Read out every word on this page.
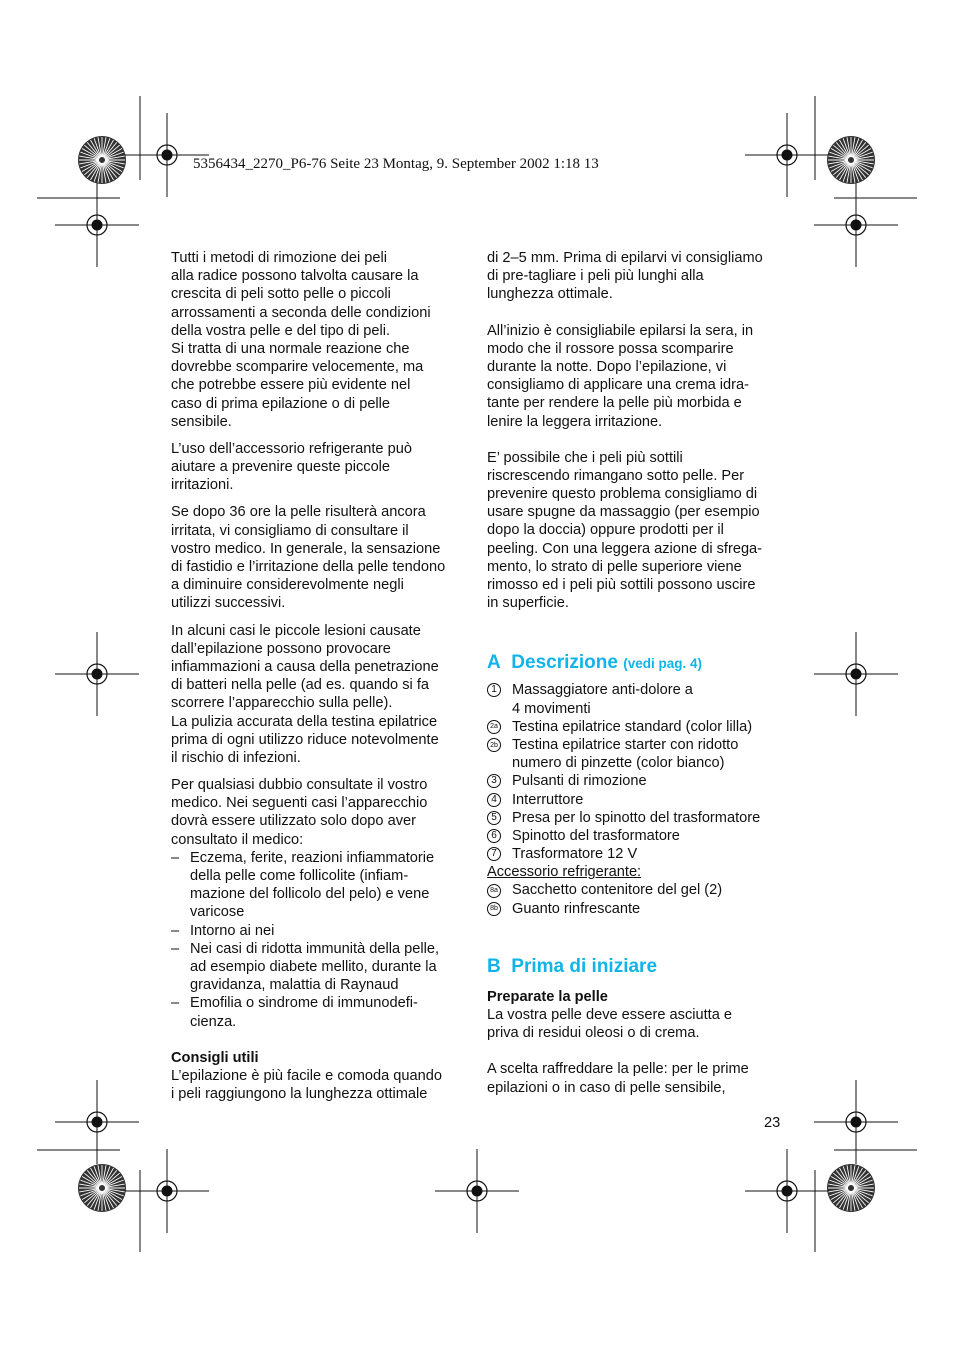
5356434_2270_P6-76 Seite 23 Montag, 9. September 2002 1:18 13
Tutti i metodi di rimozione dei peli
alla radice possono talvolta causare la
crescita di peli sotto pelle o piccoli
arrossamenti a seconda delle condizioni
della vostra pelle e del tipo di peli.
Si tratta di una normale reazione che
dovrebbe scomparire velocemente, ma
che potrebbe essere più evidente nel
caso di prima epilazione o di pelle
sensibile.
L’uso dell’accessorio refrigerante può
aiutare a prevenire queste piccole
irritazioni.
Se dopo 36 ore la pelle risulterà ancora
irritata, vi consigliamo di consultare il
vostro medico. In generale, la sensazione
di fastidio e l’irritazione della pelle tendono
a diminuire considerevolmente negli
utilizzi successivi.
In alcuni casi le piccole lesioni causate
dall’epilazione possono provocare
infiammazioni a causa della penetrazione
di batteri nella pelle (ad es. quando si fa
scorrere l’apparecchio sulla pelle).
La pulizia accurata della testina epilatrice
prima di ogni utilizzo riduce notevolmente
il rischio di infezioni.
Per qualsiasi dubbio consultate il vostro
medico. Nei seguenti casi l’apparecchio
dovrà essere utilizzato solo dopo aver
consultato il medico:
– Eczema, ferite, reazioni infiammatorie
della pelle come follicolite (infiam-
mazione del follicolo del pelo) e vene
varicose
– Intorno ai nei
– Nei casi di ridotta immunità della pelle,
ad esempio diabete mellito, durante la
gravidanza, malattia di Raynaud
– Emofilia o sindrome di immunodefi-
cienza.
Consigli utili
L’epilazione è più facile e comoda quando
i peli raggiungono la lunghezza ottimale
di 2–5 mm. Prima di epilarvi vi consigliamo
di pre-tagliare i peli più lunghi alla
lunghezza ottimale.
All’inizio è consigliabile epilarsi la sera, in
modo che il rossore possa scomparire
durante la notte. Dopo l’epilazione, vi
consigliamo di applicare una crema idra-
tante per rendere la pelle più morbida e
lenire la leggera irritazione.
E’ possibile che i peli più sottili
riscrescendo rimangano sotto pelle. Per
prevenire questo problema consigliamo di
usare spugne da massaggio (per esempio
dopo la doccia) oppure prodotti per il
peeling. Con una leggera azione di sfrega-
mento, lo strato di pelle superiore viene
rimosso ed i peli più sottili possono uscire
in superficie.
A Descrizione (vedi pag. 4)
1 Massaggiatore anti-dolore a
4 movimenti
2a Testina epilatrice standard (color lilla)
2b Testina epilatrice starter con ridotto
numero di pinzette (color bianco)
3 Pulsanti di rimozione
4 Interruttore
5 Presa per lo spinotto del trasformatore
6 Spinotto del trasformatore
7 Trasformatore 12 V
Accessorio refrigerante:
8a Sacchetto contenitore del gel (2)
8b Guanto rinfrescante
B Prima di iniziare
Preparate la pelle
La vostra pelle deve essere asciutta e
priva di residui oleosi o di crema.
A scelta raffreddare la pelle: per le prime
epilazioni o in caso di pelle sensibile,
23
